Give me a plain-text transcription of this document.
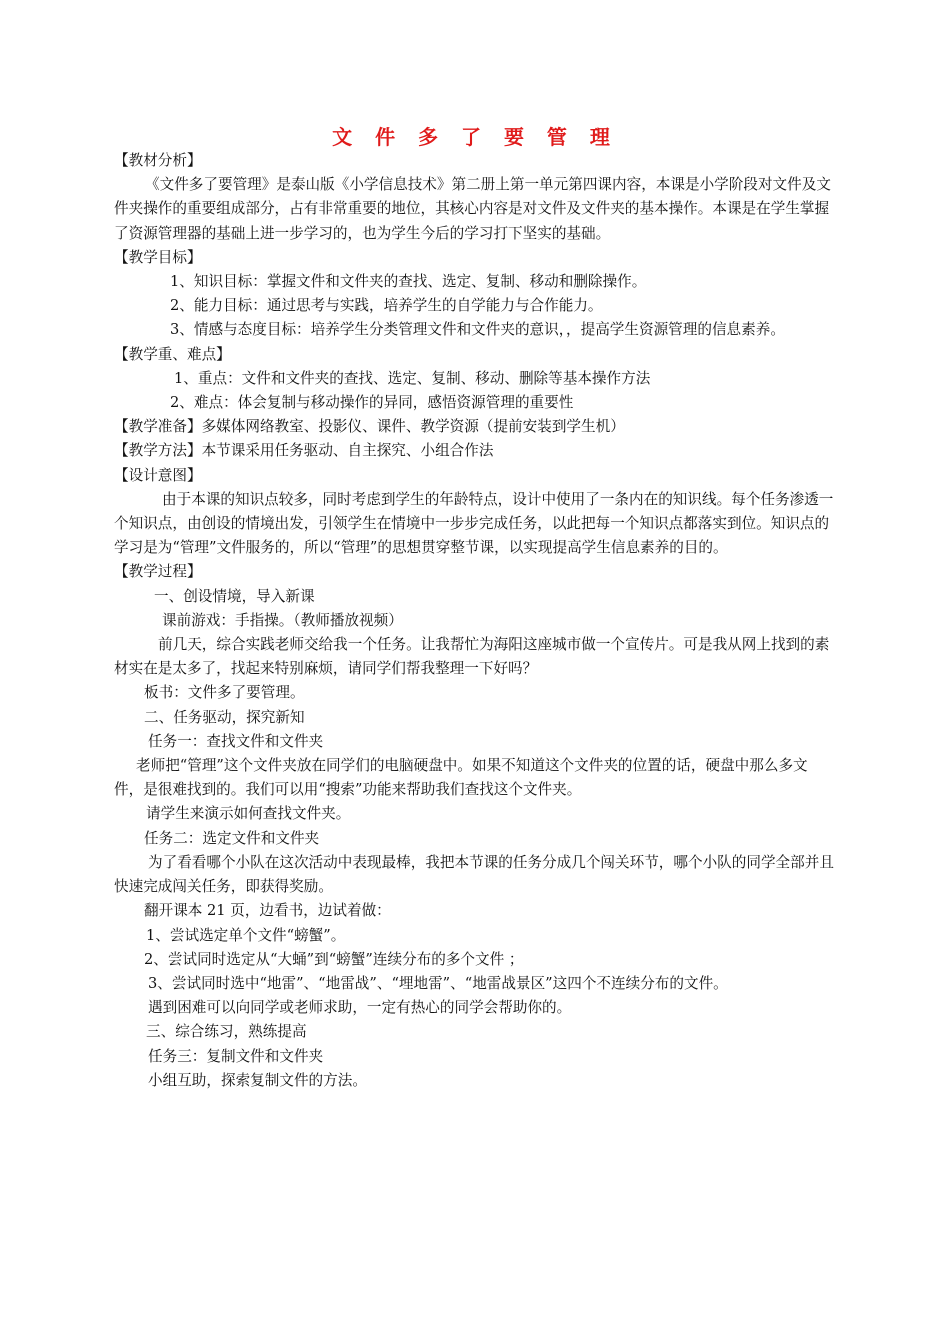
文 件 多 了 要 管 理

【教材分析】

《文件多了要管理》是泰山版《小学信息技术》第二册上第一单元第四课内容，本课是小学阶段对文件及文件夹操作的重要组成部分，占有非常重要的地位，其核心内容是对文件及文件夹的基本操作。本课是在学生掌握了资源管理器的基础上进一步学习的，也为学生今后的学习打下坚实的基础。

【教学目标】

1、知识目标：掌握文件和文件夹的查找、选定、复制、移动和删除操作。

2、能力目标：通过思考与实践，培养学生的自学能力与合作能力。

3、情感与态度目标：培养学生分类管理文件和文件夹的意识，，提高学生资源管理的信息素养。

【教学重、难点】

1、重点：文件和文件夹的查找、选定、复制、移动、删除等基本操作方法

2、难点：体会复制与移动操作的异同，感悟资源管理的重要性

【教学准备】多媒体网络教室、投影仪、课件、教学资源（提前安装到学生机）

【教学方法】本节课采用任务驱动、自主探究、小组合作法

【设计意图】

由于本课的知识点较多，同时考虑到学生的年龄特点，设计中使用了一条内在的知识线。每个任务渗透一个知识点，由创设的情境出发，引领学生在情境中一步步完成任务，以此把每一个知识点都落实到位。知识点的学习是为“管理”文件服务的，所以“管理”的思想贯穿整节课，以实现提高学生信息素养的目的。

【教学过程】

一、创设情境，导入新课

课前游戏：手指操。（教师播放视频）

前几天，综合实践老师交给我一个任务。让我帮忙为海阳这座城市做一个宣传片。可是我从网上找到的素材实在是太多了，找起来特别麻烦，请同学们帮我整理一下好吗？

板书：文件多了要管理。

二、任务驱动，探究新知

任务一：查找文件和文件夹

老师把“管理”这个文件夹放在同学们的电脑硬盘中。如果不知道这个文件夹的位置的话，硬盘中那么多文件，是很难找到的。我们可以用“搜索”功能来帮助我们查找这个文件夹。

请学生来演示如何查找文件夹。

任务二：选定文件和文件夹

为了看看哪个小队在这次活动中表现最棒，我把本节课的任务分成几个闯关环节，哪个小队的同学全部并且快速完成闯关任务，即获得奖励。

翻开课本 21 页，边看书，边试着做：

1、尝试选定单个文件“螃蟹”。

2、尝试同时选定从“大蛹”到“螃蟹”连续分布的多个文件 ；

3、尝试同时选中“地雷”、“地雷战”、“埋地雷”、“地雷战景区”这四个不连续分布的文件。

遇到困难可以向同学或老师求助，一定有热心的同学会帮助你的。

三、综合练习，熟练提高

任务三：复制文件和文件夹

小组互助，探索复制文件的方法。
